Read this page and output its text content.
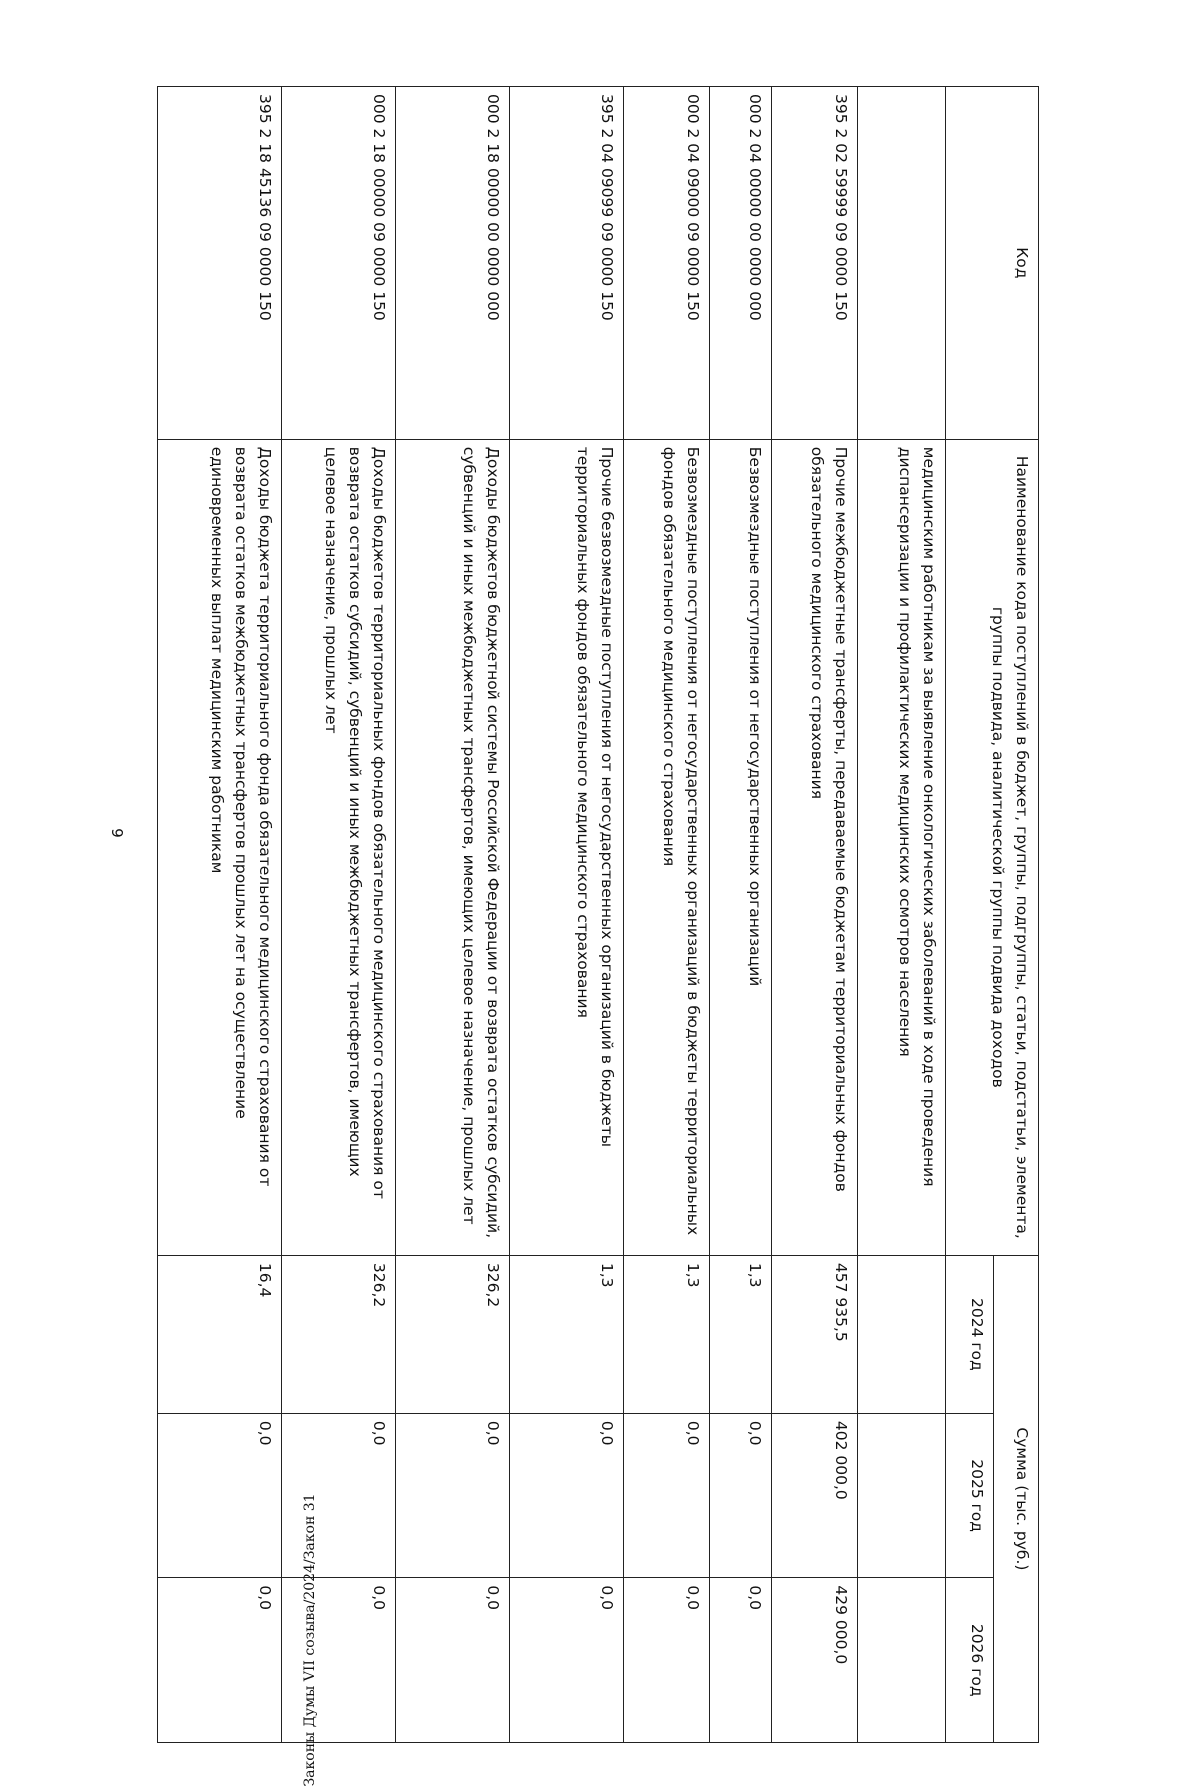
6
Код	Наименование кода поступлений в бюджет, группы, подгруппы, статьи, подстатьи, элемента, группы подвида, аналитической группы подвида доходов	Сумма (тыс. руб.)		
		2024 год	2025 год	2026 год
	медицинским работникам за выявление онкологических заболеваний в ходе проведения диспансеризации и профилактических медицинских осмотров населения			
395 2 02 59999 09 0000 150	Прочие межбюджетные трансферты, передаваемые бюджетам территориальных фондов обязательного медицинского страхования	457 935,5	402 000,0	429 000,0
000 2 04 00000 00 0000 000	Безвозмездные поступления от негосударственных организаций	1,3	0,0	0,0
000 2 04 09000 09 0000 150	Безвозмездные поступления от негосударственных организаций в бюджеты территориальных фондов обязательного медицинского страхования	1,3	0,0	0,0
395 2 04 09099 09 0000 150	Прочие безвозмездные поступления от негосударственных организаций в бюджеты территориальных фондов обязательного медицинского страхования	1,3	0,0	0,0
000 2 18 00000 00 0000 000	Доходы бюджетов бюджетной системы Российской Федерации от возврата остатков субсидий, субвенций и иных межбюджетных трансфертов, имеющих целевое назначение, прошлых лет	326,2	0,0	0,0
000 2 18 00000 09 0000 150	Доходы бюджетов территориальных фондов обязательного медицинского страхования от возврата остатков субсидий, субвенций и иных межбюджетных трансфертов, имеющих целевое назначение, прошлых лет	326,2	0,0	0,0
395 2 18 45136 09 0000 150	Доходы бюджета территориального фонда обязательного медицинского страхования от возврата остатков межбюджетных трансфертов прошлых лет на осуществление единовременных выплат медицинским работникам	16,4	0,0	0,0 Законы Думы VII созыва/2024/Закон 31
